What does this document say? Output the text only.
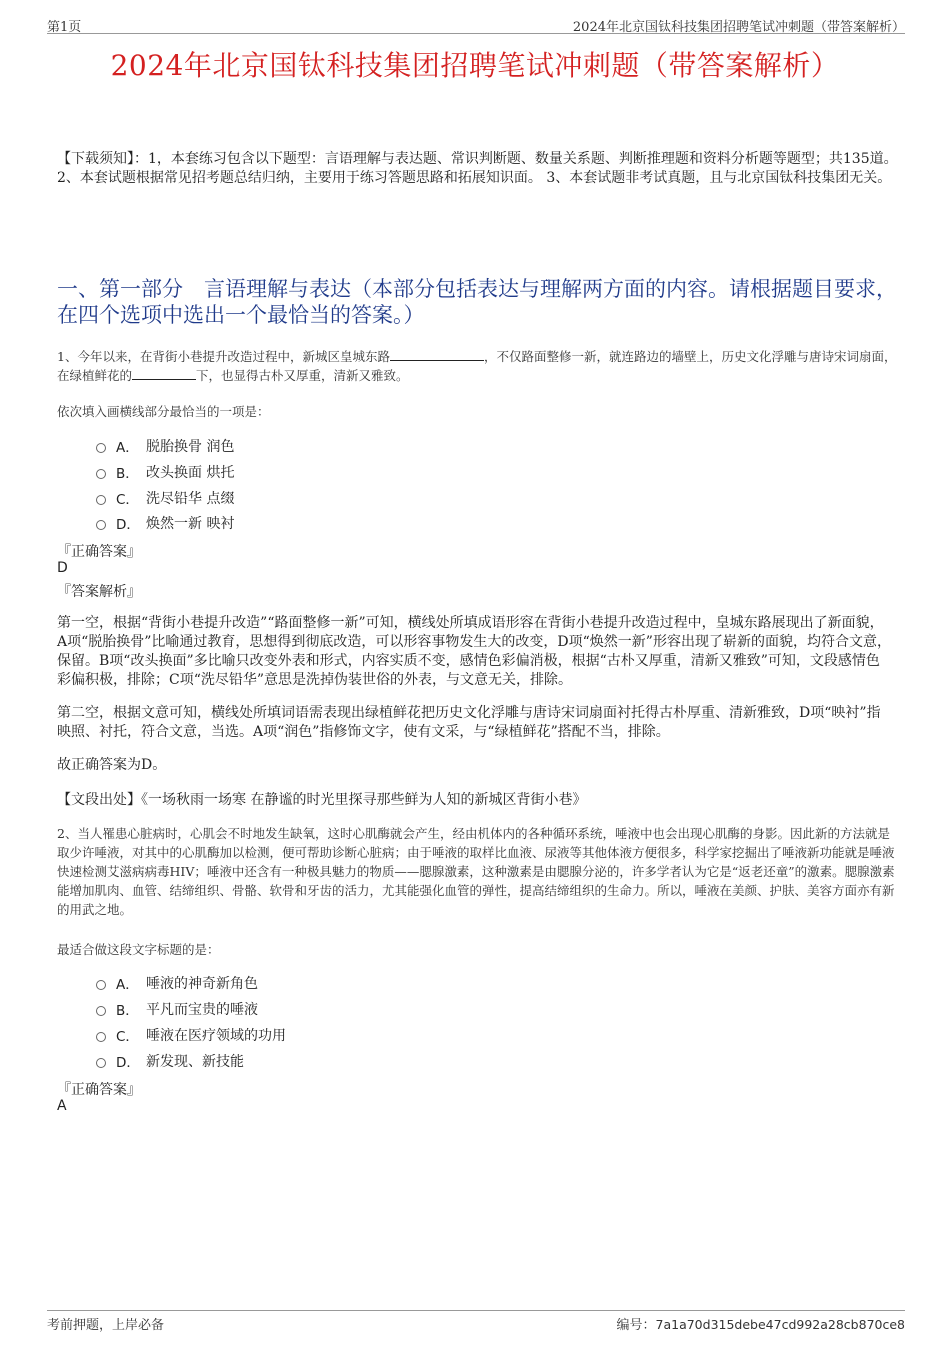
第1页	2024年北京国钛科技集团招聘笔试冲刺题（带答案解析）
2024年北京国钛科技集团招聘笔试冲刺题（带答案解析）
【下载须知】：1，本套练习包含以下题型：言语理解与表达题、常识判断题、数量关系题、判断推理题和资料分析题等题型；共135道。 2、本套试题根据常见招考题总结归纳，主要用于练习答题思路和拓展知识面。 3、本套试题非考试真题，且与北京国钛科技集团无关。
一、第一部分　言语理解与表达（本部分包括表达与理解两方面的内容。请根据题目要求，在四个选项中选出一个最恰当的答案。）
1、今年以来，在背街小巷提升改造过程中，新城区皇城东路	，不仅路面整修一新，就连路边的墙壁上，历史文化浮雕与唐诗宋词扇面，在绿植鲜花的	下，也显得古朴又厚重，清新又雅致。
依次填入画横线部分最恰当的一项是：
A． 脱胎换骨 润色
B． 改头换面 烘托
C． 洗尽铅华 点缀
D． 焕然一新 映衬
『正确答案』
D
『答案解析』
第一空，根据“背街小巷提升改造”“路面整修一新”可知，横线处所填成语形容在背街小巷提升改造过程中，皇城东路展现出了新面貌，A项“脱胎换骨”比喻通过教育，思想得到彻底改造，可以形容事物发生大的改变，D项“焕然一新”形容出现了崭新的面貌，均符合文意，保留。B项“改头换面”多比喻只改变外表和形式，内容实质不变，感情色彩偏消极，根据“古朴又厚重，清新又雅致”可知，文段感情色彩偏积极，排除；C项“洗尽铅华”意思是洗掉伪装世俗的外表，与文意无关，排除。
第二空，根据文意可知，横线处所填词语需表现出绿植鲜花把历史文化浮雕与唐诗宋词扇面衬托得古朴厚重、清新雅致，D项“映衬”指映照、衬托，符合文意，当选。A项“润色”指修饰文字，使有文采，与“绿植鲜花”搭配不当，排除。
故正确答案为D。
【文段出处】《一场秋雨一场寒 在静谧的时光里探寻那些鲜为人知的新城区背街小巷》
2、当人罹患心脏病时，心肌会不时地发生缺氧，这时心肌酶就会产生，经由机体内的各种循环系统，唾液中也会出现心肌酶的身影。因此新的方法就是取少许唾液，对其中的心肌酶加以检测，便可帮助诊断心脏病；由于唾液的取样比血液、尿液等其他体液方便很多，科学家挖掘出了唾液新功能就是唾液快速检测艾滋病病毒HIV；唾液中还含有一种极具魅力的物质——腮腺激素，这种激素是由腮腺分泌的，许多学者认为它是“返老还童”的激素。腮腺激素能增加肌肉、血管、结缔组织、骨骼、软骨和牙齿的活力，尤其能强化血管的弹性，提高结缔组织的生命力。所以，唾液在美颜、护肤、美容方面亦有新的用武之地。
最适合做这段文字标题的是：
A． 唾液的神奇新角色
B． 平凡而宝贵的唾液
C． 唾液在医疗领域的功用
D． 新发现、新技能
『正确答案』
A
考前押题，上岸必备	编号：7a1a70d315debe47cd992a28cb870ce8
